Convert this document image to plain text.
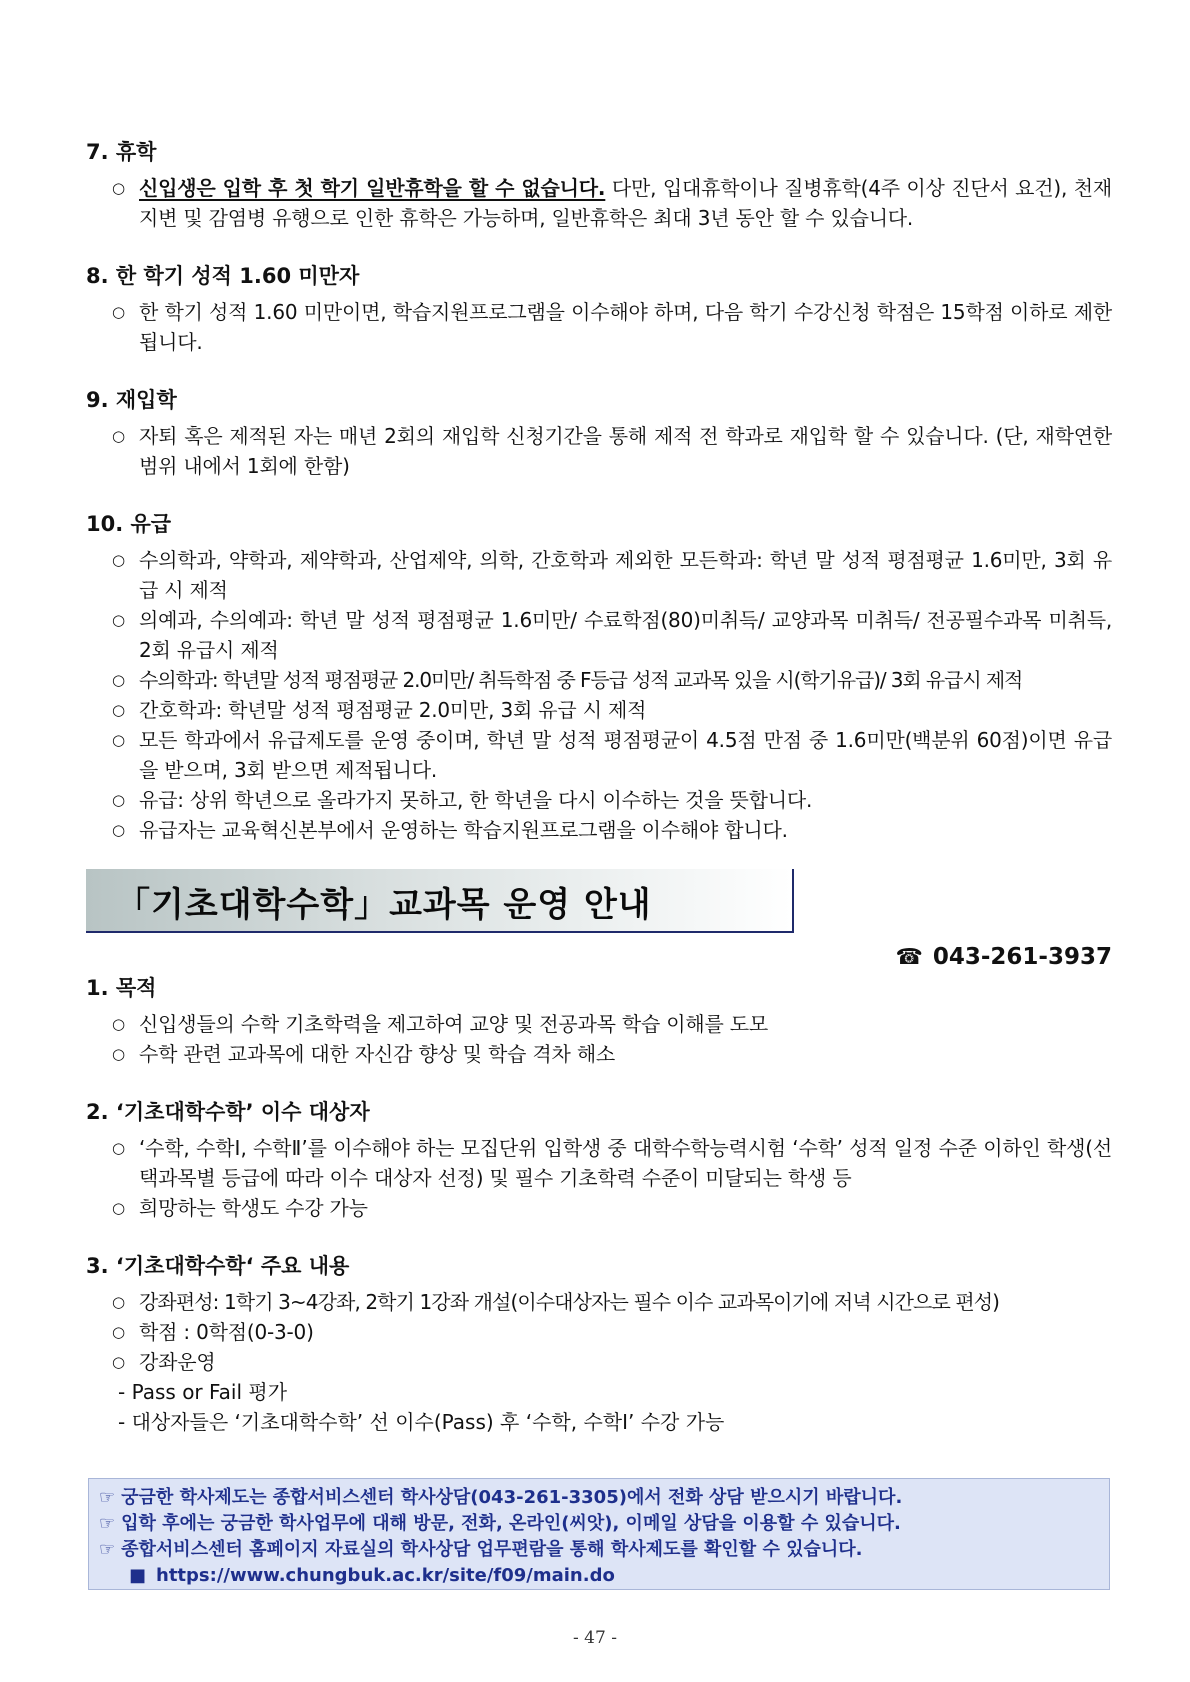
7. 휴학
○ 신입생은 입학 후 첫 학기 일반휴학을 할 수 없습니다. 다만, 입대휴학이나 질병휴학(4주 이상 진단서 요건), 천재지변 및 감염병 유행으로 인한 휴학은 가능하며, 일반휴학은 최대 3년 동안 할 수 있습니다.
8. 한 학기 성적 1.60 미만자
○ 한 학기 성적 1.60 미만이면, 학습지원프로그램을 이수해야 하며, 다음 학기 수강신청 학점은 15학점 이하로 제한됩니다.
9. 재입학
○ 자퇴 혹은 제적된 자는 매년 2회의 재입학 신청기간을 통해 제적 전 학과로 재입학 할 수 있습니다. (단, 재학연한 범위 내에서 1회에 한함)
10. 유급
○ 수의학과, 약학과, 제약학과, 산업제약, 의학, 간호학과 제외한 모든학과: 학년 말 성적 평점평균 1.6미만, 3회 유급 시 제적
○ 의예과, 수의예과: 학년 말 성적 평점평균 1.6미만/ 수료학점(80)미취득/ 교양과목 미취득/ 전공필수과목 미취득, 2회 유급시 제적
○ 수의학과: 학년말 성적 평점평균 2.0미만/ 취득학점 중 F등급 성적 교과목 있을 시(학기유급)/ 3회 유급시 제적
○ 간호학과: 학년말 성적 평점평균 2.0미만, 3회 유급 시 제적
○ 모든 학과에서 유급제도를 운영 중이며, 학년 말 성적 평점평균이 4.5점 만점 중 1.6미만(백분위 60점)이면 유급을 받으며, 3회 받으면 제적됩니다.
○ 유급: 상위 학년으로 올라가지 못하고, 한 학년을 다시 이수하는 것을 뜻합니다.
○ 유급자는 교육혁신본부에서 운영하는 학습지원프로그램을 이수해야 합니다.
「기초대학수학」교과목 운영 안내
☎ 043-261-3937
1. 목적
○ 신입생들의 수학 기초학력을 제고하여 교양 및 전공과목 학습 이해를 도모
○ 수학 관련 교과목에 대한 자신감 향상 및 학습 격차 해소
2. ‘기초대학수학’ 이수 대상자
○ ‘수학, 수학Ⅰ, 수학Ⅱ’를 이수해야 하는 모집단위 입학생 중 대학수학능력시험 ‘수학’ 성적 일정 수준 이하인 학생(선택과목별 등급에 따라 이수 대상자 선정) 및 필수 기초학력 수준이 미달되는 학생 등
○ 희망하는 학생도 수강 가능
3. ‘기초대학수학‘ 주요 내용
○ 강좌편성: 1학기 3~4강좌, 2학기 1강좌 개설(이수대상자는 필수 이수 교과목이기에 저녁 시간으로 편성)
○ 학점 : 0학점(0-3-0)
○ 강좌운영
- Pass or Fail 평가
- 대상자들은 ‘기초대학수학’ 선 이수(Pass) 후 ‘수학, 수학Ⅰ’ 수강 가능
☞ 궁금한 학사제도는 종합서비스센터 학사상담(043-261-3305)에서 전화 상담 받으시기 바랍니다.
☞ 입학 후에는 궁금한 학사업무에 대해 방문, 전화, 온라인(씨앗), 이메일 상담을 이용할 수 있습니다.
☞ 종합서비스센터 홈페이지 자료실의 학사상담 업무편람을 통해 학사제도를 확인할 수 있습니다.
■ https://www.chungbuk.ac.kr/site/f09/main.do
- 47 -
